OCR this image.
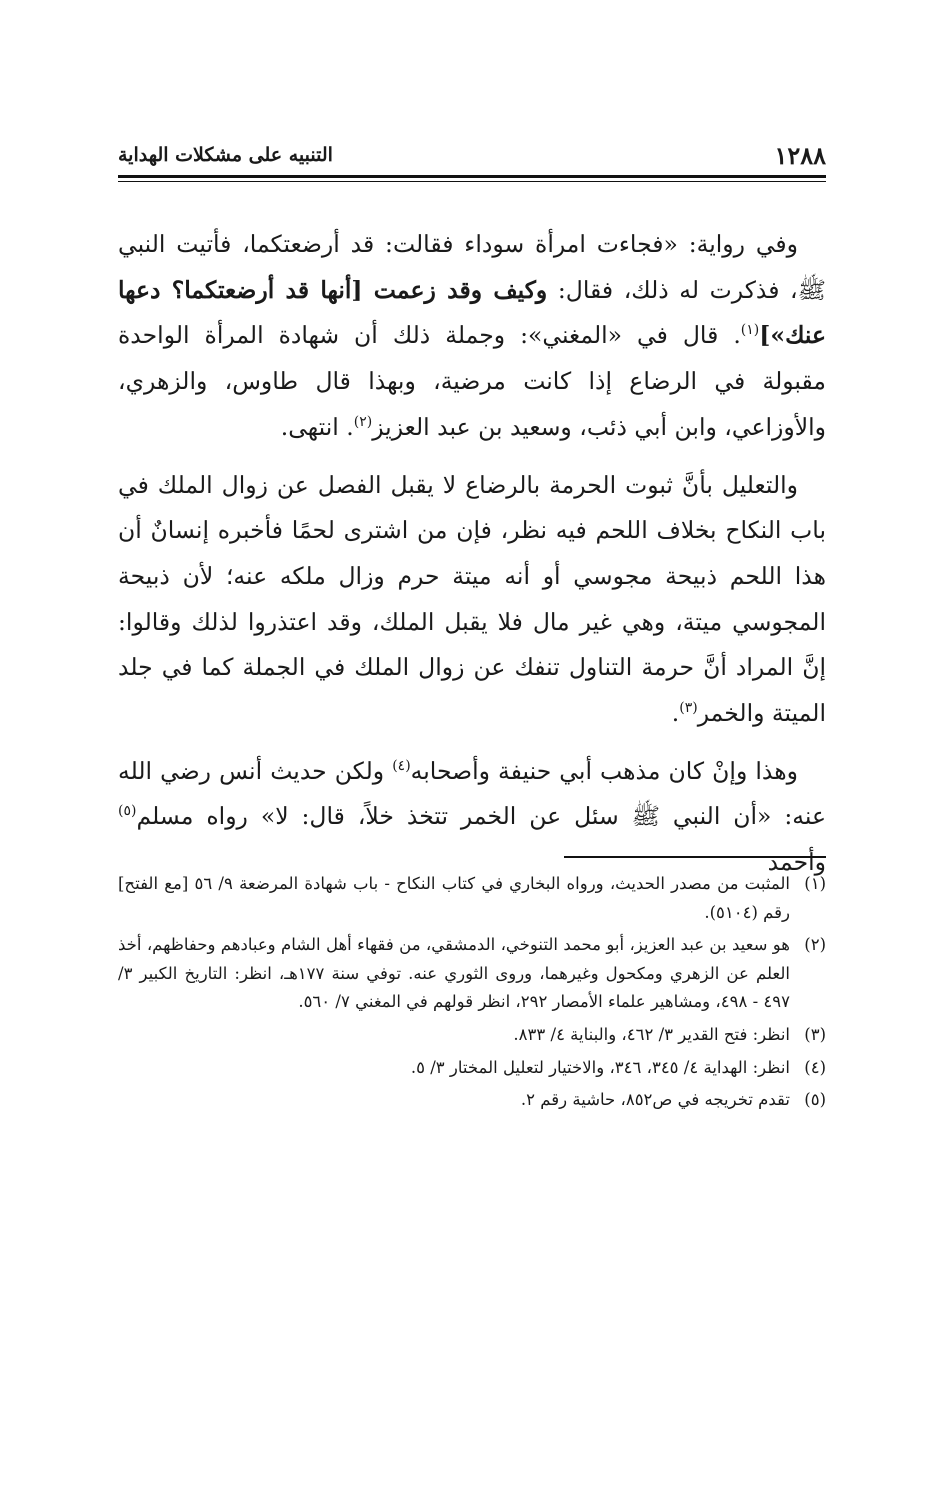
١٢٨٨
التنبيه على مشكلات الهداية

وفي رواية: «فجاءت امرأة سوداء فقالت: قد أرضعتكما، فأتيت النبي ﷺ، فذكرت له ذلك، فقال: وكيف وقد زعمت [أنها قد أرضعتكما؟ دعها عنك»]$^{(١)}$. قال في «المغني»: وجملة ذلك أن شهادة المرأة الواحدة مقبولة في الرضاع إذا كانت مرضية، وبهذا قال طاوس، والزهري، والأوزاعي، وابن أبي ذئب، وسعيد بن عبد العزيز$^{(٢)}$. انتهى.

والتعليل بأنَّ ثبوت الحرمة بالرضاع لا يقبل الفصل عن زوال الملك في باب النكاح بخلاف اللحم فيه نظر، فإن من اشترى لحمًا فأخبره إنسانٌ أن هذا اللحم ذبيحة مجوسي أو أنه ميتة حرم وزال ملكه عنه؛ لأن ذبيحة المجوسي ميتة، وهي غير مال فلا يقبل الملك، وقد اعتذروا لذلك وقالوا: إنَّ المراد أنَّ حرمة التناول تنفك عن زوال الملك في الجملة كما في جلد الميتة والخمر$^{(٣)}$.

وهذا وإنْ كان مذهب أبي حنيفة وأصحابه$^{(٤)}$ ولكن حديث أنس رضي الله عنه: «أن النبي ﷺ سئل عن الخمر تتخذ خلاً، قال: لا» رواه مسلم$^{(٥)}$ وأحمد

(١)
المثبت من مصدر الحديث، ورواه البخاري في كتاب النكاح - باب شهادة المرضعة ٩/ ٥٦ [مع الفتح] رقم (٥١٠٤).
(٢)
هو سعيد بن عبد العزيز، أبو محمد التنوخي، الدمشقي، من فقهاء أهل الشام وعبادهم وحفاظهم، أخذ العلم عن الزهري ومكحول وغيرهما، وروى الثوري عنه. توفي سنة ١٧٧هـ، انظر: التاريخ الكبير ٣/ ٤٩٧ - ٤٩٨، ومشاهير علماء الأمصار ٢٩٢، انظر قولهم في المغني ٧/ ٥٦٠.
(٣)
انظر: فتح القدير ٣/ ٤٦٢، والبناية ٤/ ٨٣٣.
(٤)
انظر: الهداية ٤/ ٣٤٥، ٣٤٦، والاختيار لتعليل المختار ٣/ ٥.
(٥)
تقدم تخريجه في ص٨٥٢، حاشية رقم ٢.
